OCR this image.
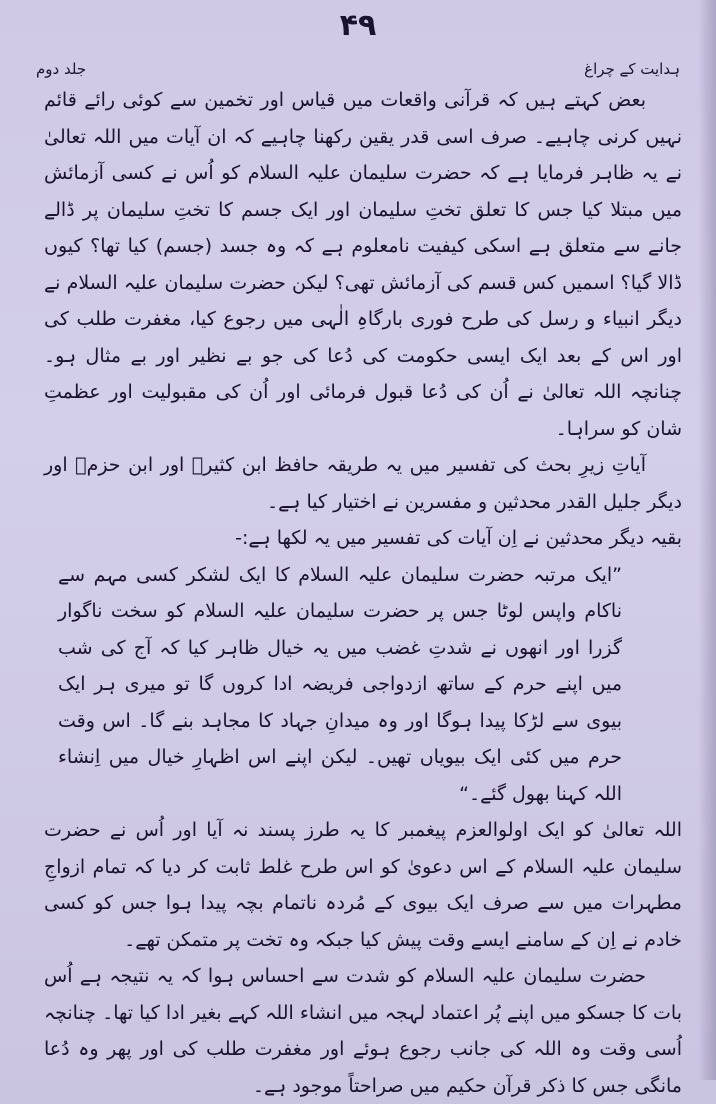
۴۹
ہدایت کے چراغ
جلد دوم

بعض کہتے ہیں کہ قرآنی واقعات میں قیاس اور تخمین سے کوئی رائے قائم نہیں کرنی چاہیے۔ صرف اسی قدر یقین رکھنا چاہیے کہ ان آیات میں اللہ تعالیٰ نے یہ ظاہر فرمایا ہے کہ حضرت سلیمان علیہ السلام کو اُس نے کسی آزمائش میں مبتلا کیا جس کا تعلق تختِ سلیمان اور ایک جسم کا تختِ سلیمان پر ڈالے جانے سے متعلق ہے اسکی کیفیت نامعلوم ہے کہ وہ جسد (جسم) کیا تھا؟ کیوں ڈالا گیا؟ اسمیں کس قسم کی آزمائش تھی؟ لیکن حضرت سلیمان علیہ السلام نے دیگر انبیاء و رسل کی طرح فوری بارگاہِ الٰہی میں رجوع کیا، مغفرت طلب کی اور اس کے بعد ایک ایسی حکومت کی دُعا کی جو بے نظیر اور بے مثال ہو۔ چنانچہ اللہ تعالیٰ نے اُن کی دُعا قبول فرمائی اور اُن کی مقبولیت اور عظمتِ شان کو سراہا۔

آیاتِ زیرِ بحث کی تفسیر میں یہ طریقہ حافظ ابن کثیرؒ اور ابن حزمؒ اور دیگر جلیل القدر محدثین و مفسرین نے اختیار کیا ہے۔

بقیہ دیگر محدثین نے اِن آیات کی تفسیر میں یہ لکھا ہے:-

”ایک مرتبہ حضرت سلیمان علیہ السلام کا ایک لشکر کسی مہم سے ناکام واپس لوٹا جس پر حضرت سلیمان علیہ السلام کو سخت ناگوار گزرا اور انھوں نے شدتِ غضب میں یہ خیال ظاہر کیا کہ آج کی شب میں اپنے حرم کے ساتھ ازدواجی فریضہ ادا کروں گا تو میری ہر ایک بیوی سے لڑکا پیدا ہوگا اور وہ میدانِ جہاد کا مجاہد بنے گا۔ اس وقت حرم میں کئی ایک بیویاں تھیں۔ لیکن اپنے اس اظہارِ خیال میں اِنشاء اللہ کہنا بھول گئے۔“

اللہ تعالیٰ کو ایک اولوالعزم پیغمبر کا یہ طرز پسند نہ آیا اور اُس نے حضرت سلیمان علیہ السلام کے اس دعویٰ کو اس طرح غلط ثابت کر دیا کہ تمام ازواجِ مطہرات میں سے صرف ایک بیوی کے مُردہ ناتمام بچہ پیدا ہوا جس کو کسی خادم نے اِن کے سامنے ایسے وقت پیش کیا جبکہ وہ تخت پر متمکن تھے۔

حضرت سلیمان علیہ السلام کو شدت سے احساس ہوا کہ یہ نتیجہ ہے اُس بات کا جسکو میں اپنے پُر اعتماد لہجہ میں انشاء اللہ کہے بغیر ادا کیا تھا۔ چنانچہ اُسی وقت وہ اللہ کی جانب رجوع ہوئے اور مغفرت طلب کی اور پھر وہ دُعا مانگی جس کا ذکر قرآن حکیم میں صراحتاً موجود ہے۔
